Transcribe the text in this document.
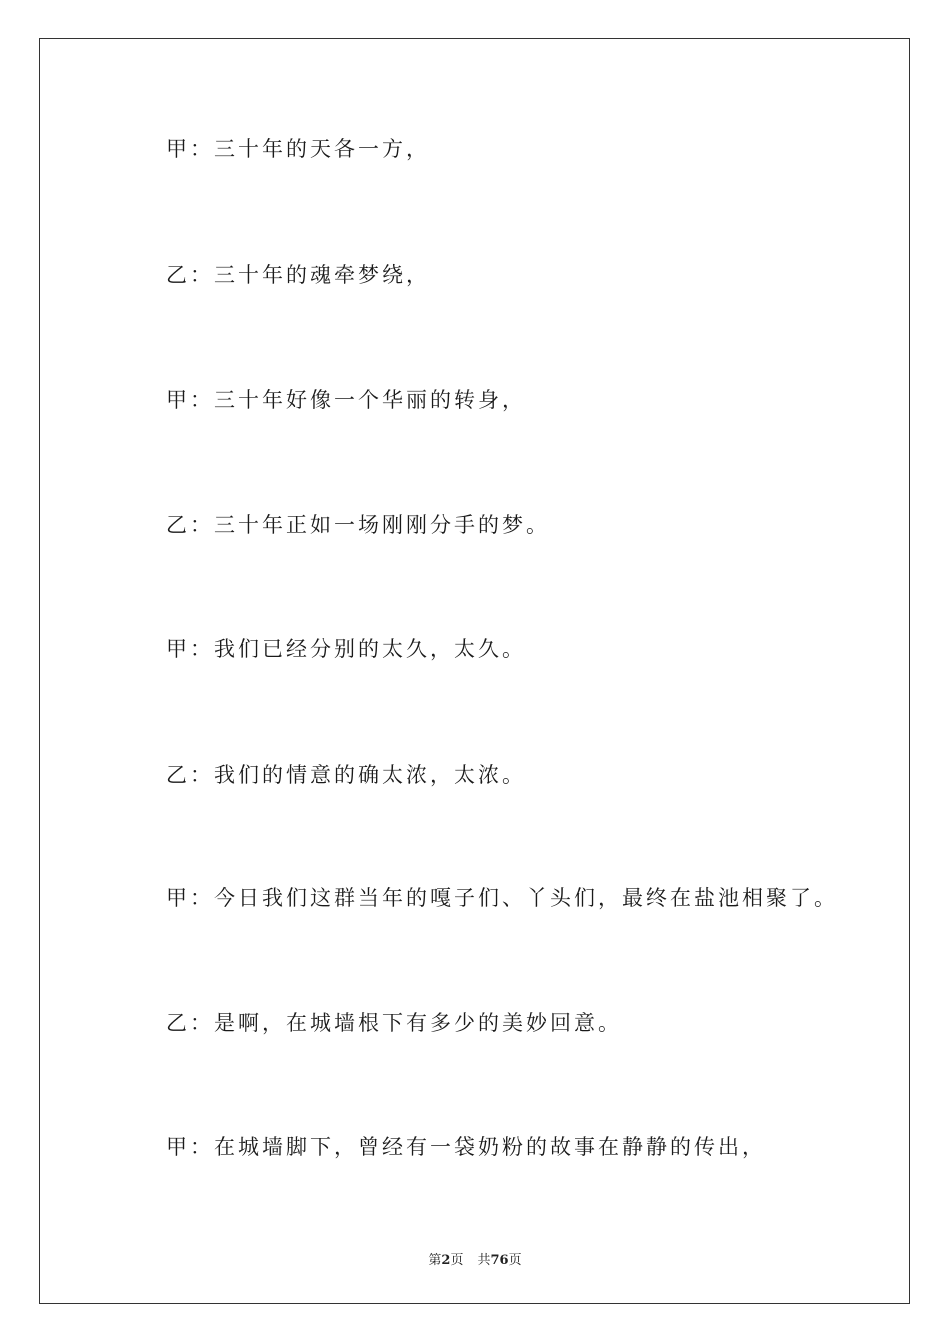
甲：三十年的天各一方，
乙：三十年的魂牵梦绕，
甲：三十年好像一个华丽的转身，
乙：三十年正如一场刚刚分手的梦。
甲：我们已经分别的太久，太久。
乙：我们的情意的确太浓，太浓。
甲：今日我们这群当年的嘎子们、丫头们，最终在盐池相聚了。
乙：是啊，在城墙根下有多少的美妙回意。
甲：在城墙脚下，曾经有一袋奶粉的故事在静静的传出，
第2页 共76页
